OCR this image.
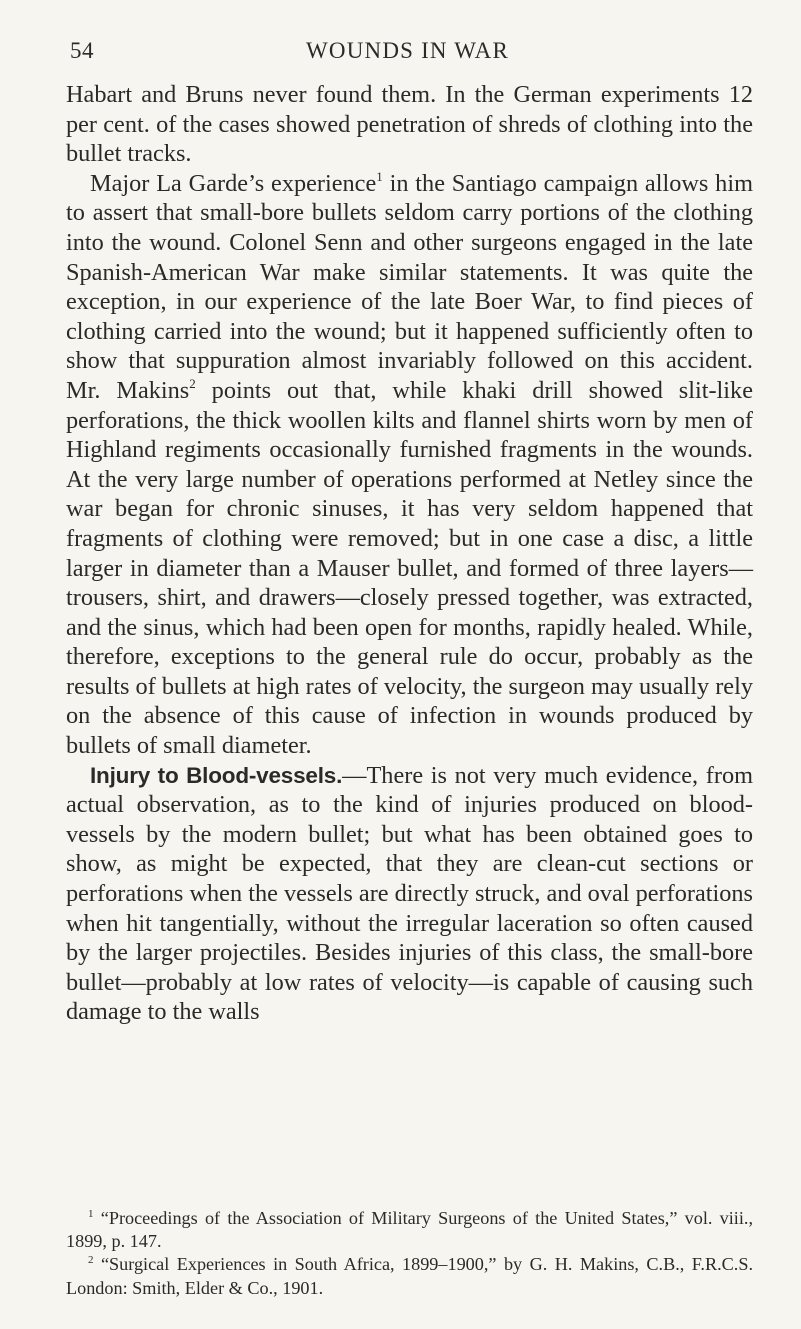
54	WOUNDS IN WAR

Habart and Bruns never found them. In the German experiments 12 per cent. of the cases showed penetration of shreds of clothing into the bullet tracks.

Major La Garde’s experience$^1$ in the Santiago campaign allows him to assert that small-bore bullets seldom carry portions of the clothing into the wound. Colonel Senn and other surgeons engaged in the late Spanish-American War make similar statements. It was quite the exception, in our experience of the late Boer War, to find pieces of clothing carried into the wound; but it happened sufficiently often to show that suppuration almost invariably followed on this accident. Mr. Makins$^2$ points out that, while khaki drill showed slit-like perforations, the thick woollen kilts and flannel shirts worn by men of Highland regiments occasionally furnished fragments in the wounds. At the very large number of operations performed at Netley since the war began for chronic sinuses, it has very seldom happened that fragments of clothing were removed; but in one case a disc, a little larger in diameter than a Mauser bullet, and formed of three layers—trousers, shirt, and drawers—closely pressed together, was extracted, and the sinus, which had been open for months, rapidly healed. While, therefore, exceptions to the general rule do occur, probably as the results of bullets at high rates of velocity, the surgeon may usually rely on the absence of this cause of infection in wounds produced by bullets of small diameter.

Injury to Blood-vessels.—There is not very much evidence, from actual observation, as to the kind of injuries produced on blood-vessels by the modern bullet; but what has been obtained goes to show, as might be expected, that they are clean-cut sections or perforations when the vessels are directly struck, and oval perforations when hit tangentially, without the irregular laceration so often caused by the larger projectiles. Besides injuries of this class, the small-bore bullet—probably at low rates of velocity—is capable of causing such damage to the walls

$^1$ “Proceedings of the Association of Military Surgeons of the United States,” vol. viii., 1899, p. 147.

$^2$ “Surgical Experiences in South Africa, 1899–1900,” by G. H. Makins, C.B., F.R.C.S. London: Smith, Elder & Co., 1901.
